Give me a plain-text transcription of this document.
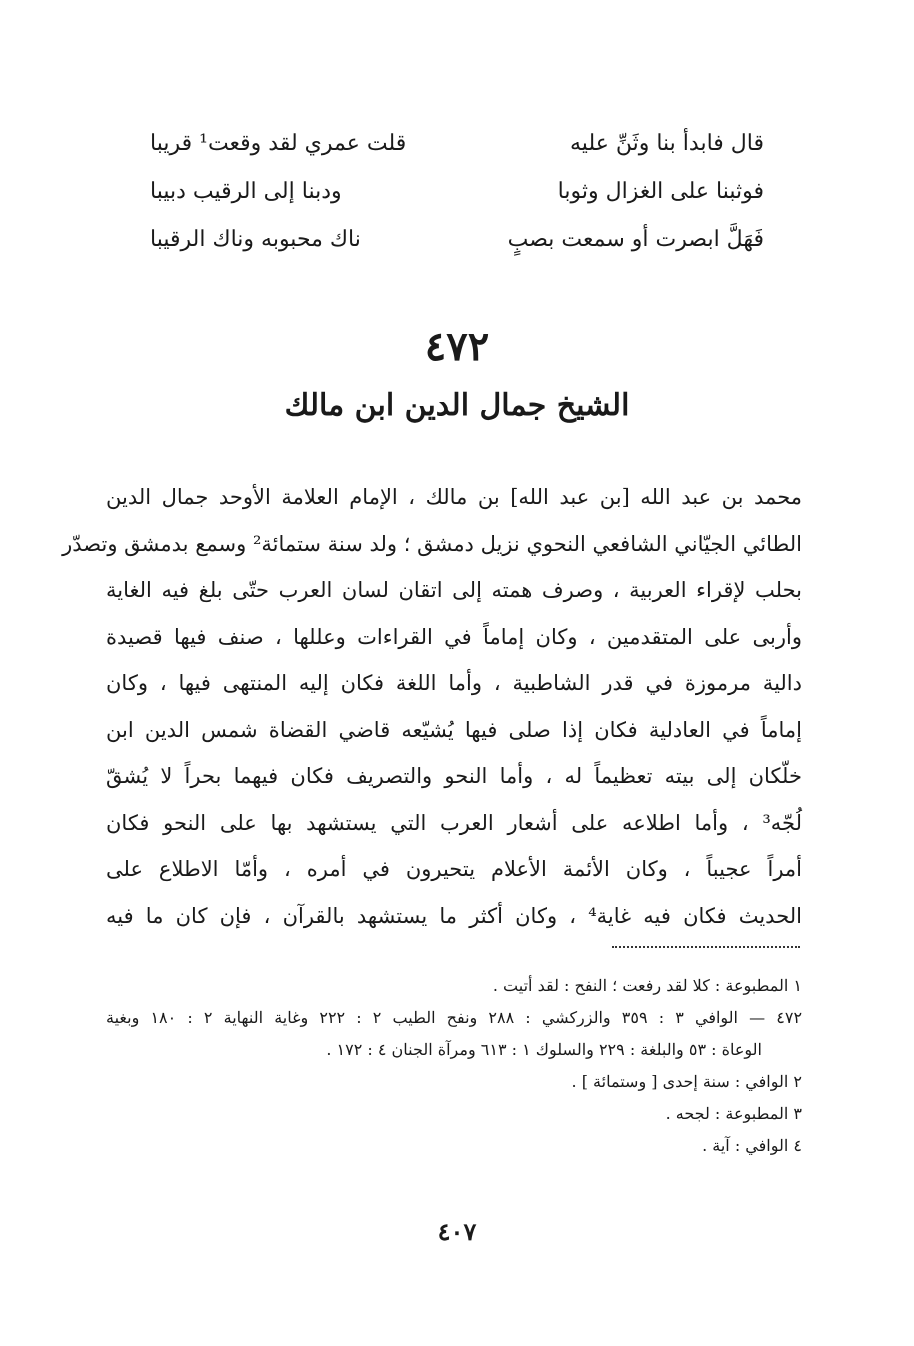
قال فابدأ بنا وثَنِّ عليه
قلت عمري لقد وقعت¹ قريبا
فوثبنا على الغزال وثوبا
ودبنا إلى الرقيب دبيبا
فَهَلَّ ابصرت أو سمعت بصبٍ
ناك محبوبه وناك الرقيبا
٤٧٢
الشيخ جمال الدين ابن مالك
محمد بن عبد الله [بن عبد الله] بن مالك ، الإمام العلامة الأوحد جمال الدين
الطائي الجيّاني الشافعي النحوي نزيل دمشق ؛ ولد سنة ستمائة² وسمع بدمشق وتصدّر
بحلب لإقراء العربية ، وصرف همته إلى اتقان لسان العرب حتّى بلغ فيه الغاية
وأربى على المتقدمين ، وكان إماماً في القراءات وعللها ، صنف فيها قصيدة
دالية مرموزة في قدر الشاطبية ، وأما اللغة فكان إليه المنتهى فيها ، وكان
إماماً في العادلية فكان إذا صلى فيها يُشيّعه قاضي القضاة شمس الدين ابن
خلّكان إلى بيته تعظيماً له ، وأما النحو والتصريف فكان فيهما بحراً لا يُشقّ
لُجّه³ ، وأما اطلاعه على أشعار العرب التي يستشهد بها على النحو فكان
أمراً عجيباً ، وكان الأئمة الأعلام يتحيرون في أمره ، وأمّا الاطلاع على
الحديث فكان فيه غاية⁴ ، وكان أكثر ما يستشهد بالقرآن ، فإن كان ما فيه
١ المطبوعة : كلا لقد رفعت ؛ النفح : لقد أتيت .
٤٧٢ — الوافي ٣ : ٣٥٩ والزركشي : ٢٨٨ ونفح الطيب ٢ : ٢٢٢ وغاية النهاية ٢ : ١٨٠ وبغية
الوعاة : ٥٣ والبلغة : ٢٢٩ والسلوك ١ : ٦١٣ ومرآة الجنان ٤ : ١٧٢ .
٢ الوافي : سنة إحدى [ وستمائة ] .
٣ المطبوعة : لجحه .
٤ الوافي : آية .
٤٠٧
